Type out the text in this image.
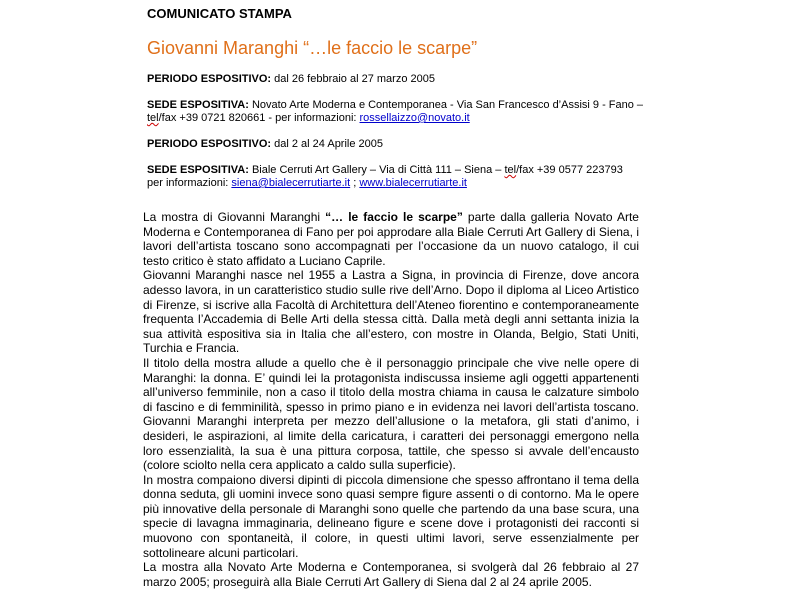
COMUNICATO STAMPA

Giovanni Maranghi “…le faccio le scarpe”

PERIODO ESPOSITIVO: dal 26 febbraio al 27 marzo 2005

SEDE ESPOSITIVA: Novato Arte Moderna e Contemporanea - Via San Francesco d’Assisi 9 - Fano – tel/fax +39 0721 820661 - per informazioni: rossellaizzo@novato.it

PERIODO ESPOSITIVO: dal 2 al 24 Aprile 2005

SEDE ESPOSITIVA: Biale Cerruti Art Gallery – Via di Città 111 – Siena – tel/fax +39 0577 223793
per informazioni: siena@bialecerrutiarte.it ; www.bialecerrutiarte.it

La mostra di Giovanni Maranghi “… le faccio le scarpe” parte dalla galleria Novato Arte Moderna e Contemporanea di Fano per poi approdare alla Biale Cerruti Art Gallery di Siena, i lavori dell’artista toscano sono accompagnati per l’occasione da un nuovo catalogo, il cui testo critico è stato affidato a Luciano Caprile.

Giovanni Maranghi nasce nel 1955 a Lastra a Signa, in provincia di Firenze, dove ancora adesso lavora, in un caratteristico studio sulle rive dell’Arno. Dopo il diploma al Liceo Artistico di Firenze, si iscrive alla Facoltà di Architettura dell’Ateneo fiorentino e contemporaneamente frequenta l’Accademia di Belle Arti della stessa città. Dalla metà degli anni settanta inizia la sua attività espositiva sia in Italia che all’estero, con mostre in Olanda, Belgio, Stati Uniti, Turchia e Francia.

Il titolo della mostra allude a quello che è il personaggio principale che vive nelle opere di Maranghi: la donna. E’ quindi lei la protagonista indiscussa insieme agli oggetti appartenenti all’universo femminile, non a caso il titolo della mostra chiama in causa le calzature simbolo di fascino e di femminilità, spesso in primo piano e in evidenza nei lavori dell’artista toscano. Giovanni Maranghi interpreta per mezzo dell’allusione o la metafora, gli stati d’animo, i desideri, le aspirazioni, al limite della caricatura, i caratteri dei personaggi emergono nella loro essenzialità, la sua è una pittura corposa, tattile, che spesso si avvale dell’encausto (colore sciolto nella cera applicato a caldo sulla superficie).

In mostra compaiono diversi dipinti di piccola dimensione che spesso affrontano il tema della donna seduta, gli uomini invece sono quasi sempre figure assenti o di contorno. Ma le opere più innovative della personale di Maranghi sono quelle che partendo da una base scura, una specie di lavagna immaginaria, delineano figure e scene dove i protagonisti dei racconti si muovono con spontaneità, il colore, in questi ultimi lavori, serve essenzialmente per sottolineare alcuni particolari.

La mostra alla Novato Arte Moderna e Contemporanea, si svolgerà dal 26 febbraio al 27 marzo 2005; proseguirà alla Biale Cerruti Art Gallery di Siena dal 2 al 24 aprile 2005.
